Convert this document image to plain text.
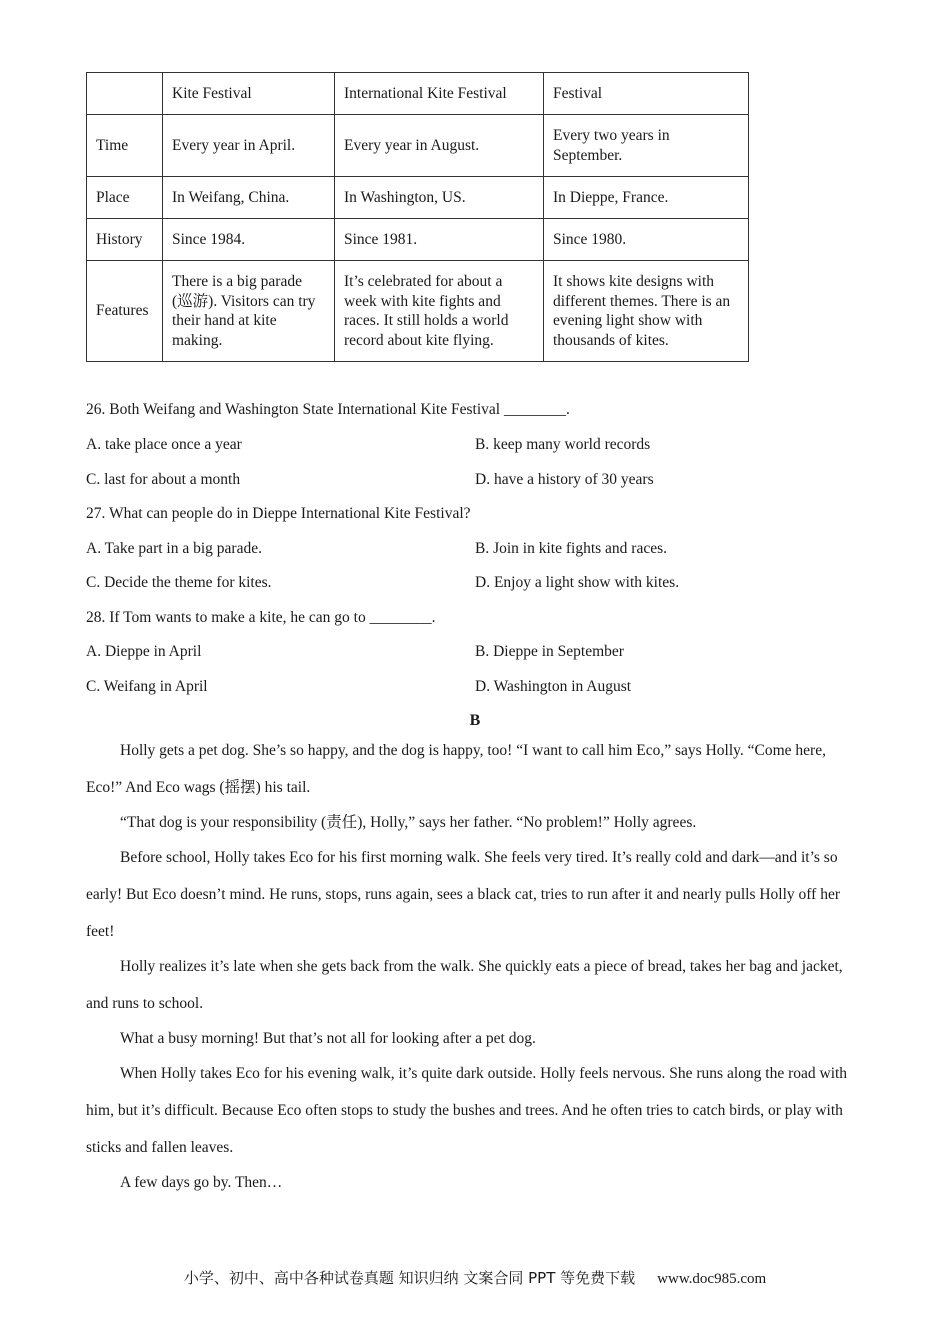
	Kite Festival	International Kite Festival	Festival
Time	Every year in April.	Every year in August.	Every two years in September.
Place	In Weifang, China.	In Washington, US.	In Dieppe, France.
History	Since 1984.	Since 1981.	Since 1980.
Features	There is a big parade (巡游). Visitors can try their hand at kite making.	It’s celebrated for about a week with kite fights and races. It still holds a world record about kite flying.	It shows kite designs with different themes. There is an evening light show with thousands of kites.
26. Both Weifang and Washington State International Kite Festival ________.
A. take place once a year	B. keep many world records
C. last for about a month	D. have a history of 30 years
27. What can people do in Dieppe International Kite Festival?
A. Take part in a big parade.	B. Join in kite fights and races.
C. Decide the theme for kites.	D. Enjoy a light show with kites.
28. If Tom wants to make a kite, he can go to ________.
A. Dieppe in April	B. Dieppe in September
C. Weifang in April	D. Washington in August
B

Holly gets a pet dog. She’s so happy, and the dog is happy, too! “I want to call him Eco,” says Holly. “Come here, Eco!” And Eco wags (摇摆) his tail.

“That dog is your responsibility (责任), Holly,” says her father. “No problem!” Holly agrees.

Before school, Holly takes Eco for his first morning walk. She feels very tired. It’s really cold and dark—and it’s so early! But Eco doesn’t mind. He runs, stops, runs again, sees a black cat, tries to run after it and nearly pulls Holly off her feet!

Holly realizes it’s late when she gets back from the walk. She quickly eats a piece of bread, takes her bag and jacket, and runs to school.

What a busy morning! But that’s not all for looking after a pet dog.

When Holly takes Eco for his evening walk, it’s quite dark outside. Holly feels nervous. She runs along the road with him, but it’s difficult. Because Eco often stops to study the bushes and trees. And he often tries to catch birds, or play with sticks and fallen leaves.

A few days go by. Then…

小学、初中、高中各种试卷真题 知识归纳 文案合同 PPT 等免费下载 www.doc985.com
